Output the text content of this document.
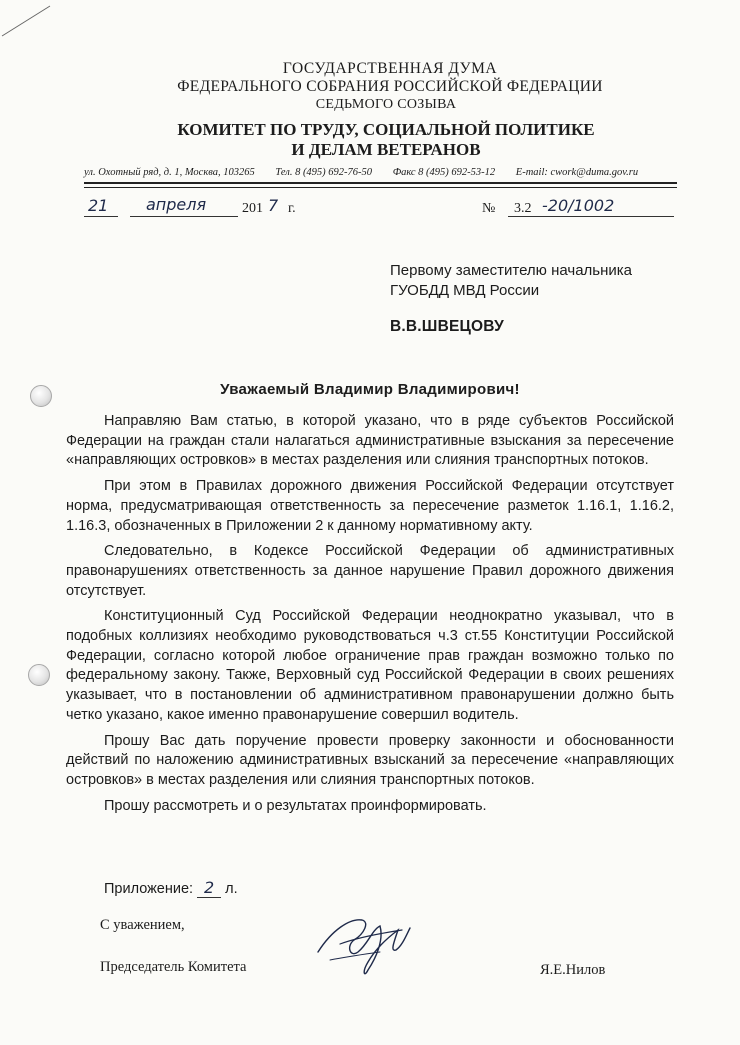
ГОСУДАРСТВЕННАЯ ДУМА
ФЕДЕРАЛЬНОГО СОБРАНИЯ РОССИЙСКОЙ ФЕДЕРАЦИИ
СЕДЬМОГО СОЗЫВА
КОМИТЕТ ПО ТРУДУ, СОЦИАЛЬНОЙ ПОЛИТИКЕ
И ДЕЛАМ ВЕТЕРАНОВ
ул. Охотный ряд, д. 1, Москва, 103265 Тел. 8 (495) 692-76-50 Факс 8 (495) 692-53-12 E-mail: cwork@duma.gov.ru
21 апреля	201 7 г.	№ 3.2 -20/1002
Первому заместителю начальника
ГУОБДД МВД России
В.В.ШВЕЦОВУ
Уважаемый Владимир Владимирович!

Направляю Вам статью, в которой указано, что в ряде субъектов Российской Федерации на граждан стали налагаться административные взыскания за пересечение «направляющих островков» в местах разделения или слияния транспортных потоков.

При этом в Правилах дорожного движения Российской Федерации отсутствует норма, предусматривающая ответственность за пересечение разметок 1.16.1, 1.16.2, 1.16.3, обозначенных в Приложении 2 к данному нормативному акту.

Следовательно, в Кодексе Российской Федерации об административных правонарушениях ответственность за данное нарушение Правил дорожного движения отсутствует.

Конституционный Суд Российской Федерации неоднократно указывал, что в подобных коллизиях необходимо руководствоваться ч.3 ст.55 Конституции Российской Федерации, согласно которой любое ограничение прав граждан возможно только по федеральному закону. Также, Верховный суд Российской Федерации в своих решениях указывает, что в постановлении об административном правонарушении должно быть четко указано, какое именно правонарушение совершил водитель.

Прошу Вас дать поручение провести проверку законности и обоснованности действий по наложению административных взысканий за пересечение «направляющих островков» в местах разделения или слияния транспортных потоков.

Прошу рассмотреть и о результатах проинформировать.

Приложение: 2 л.
С уважением,
Председатель Комитета	Я.Е.Нилов
